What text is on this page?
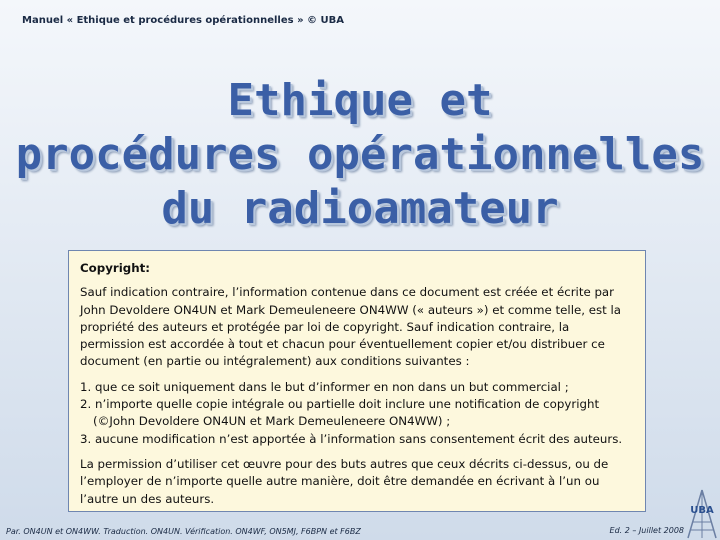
Manuel « Ethique et procédures opérationnelles » © UBA
Ethique et
procédures opérationnelles
du radioamateur

Copyright:

Sauf indication contraire, l’information contenue dans ce document est créée et écrite par John Devoldere ON4UN et Mark Demeuleneere ON4WW (« auteurs ») et comme telle, est la propriété des auteurs et protégée par loi de copyright. Sauf indication contraire, la permission est accordée à tout et chacun pour éventuellement copier et/ou distribuer ce document (en partie ou intégralement) aux conditions suivantes :

1. que ce soit uniquement dans le but d’informer en non dans un but commercial ;
2. n’importe quelle copie intégrale ou partielle doit inclure une notification de copyright (©John Devoldere ON4UN et Mark Demeuleneere ON4WW) ;
3. aucune modification n’est apportée à l’information sans consentement écrit des auteurs.

La permission d’utiliser cet œuvre pour des buts autres que ceux décrits ci-dessus, ou de l’employer de n’importe quelle autre manière, doit être demandée en écrivant à l’un ou l’autre un des auteurs.

Par. ON4UN et ON4WW. Traduction. ON4UN. Vérification. ON4WF, ON5MJ, F6BPN et F6BZ	Ed. 2 – Juillet 2008
UBA
